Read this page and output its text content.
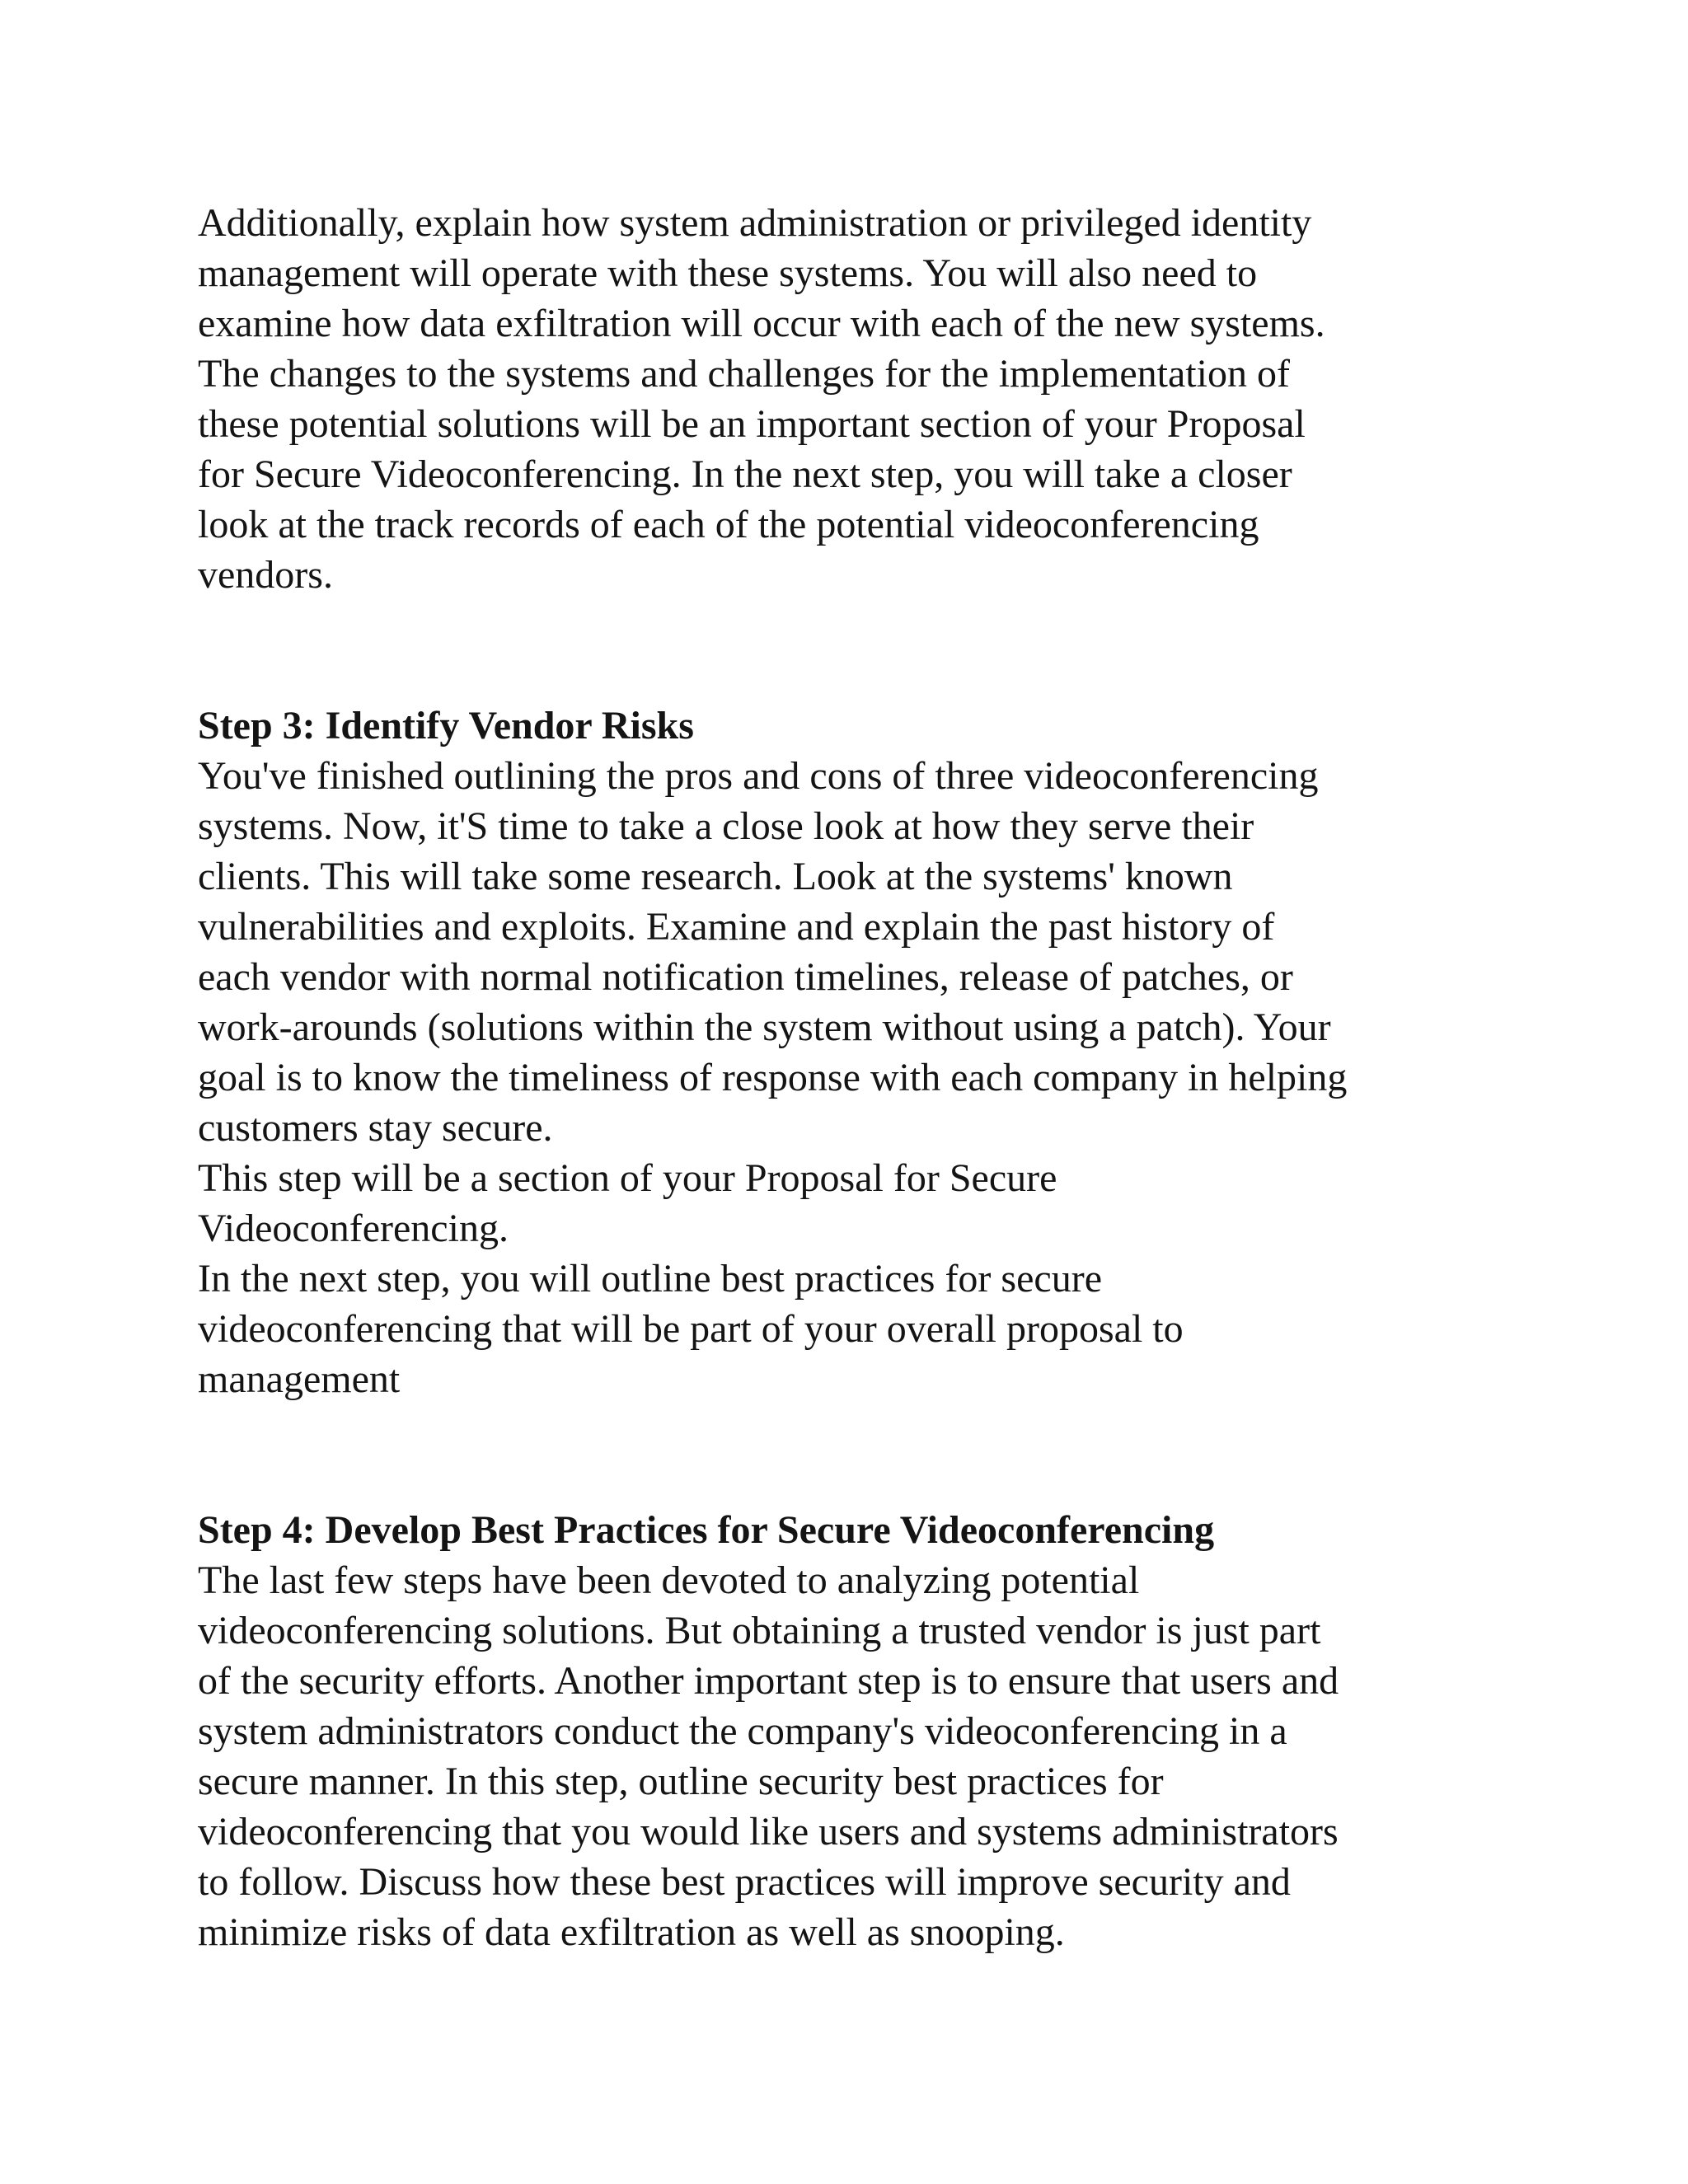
Additionally, explain how system administration or privileged identity
management will operate with these systems. You will also need to
examine how data exfiltration will occur with each of the new systems.
The changes to the systems and challenges for the implementation of
these potential solutions will be an important section of your Proposal
for Secure Videoconferencing. In the next step, you will take a closer
look at the track records of each of the potential videoconferencing
vendors.

Step 3: Identify Vendor Risks

You've finished outlining the pros and cons of three videoconferencing
systems. Now, it'S time to take a close look at how they serve their
clients. This will take some research. Look at the systems' known
vulnerabilities and exploits. Examine and explain the past history of
each vendor with normal notification timelines, release of patches, or
work-arounds (solutions within the system without using a patch). Your
goal is to know the timeliness of response with each company in helping
customers stay secure.

This step will be a section of your Proposal for Secure
Videoconferencing.

In the next step, you will outline best practices for secure
videoconferencing that will be part of your overall proposal to
management

Step 4: Develop Best Practices for Secure Videoconferencing

The last few steps have been devoted to analyzing potential
videoconferencing solutions. But obtaining a trusted vendor is just part
of the security efforts. Another important step is to ensure that users and
system administrators conduct the company's videoconferencing in a
secure manner. In this step, outline security best practices for
videoconferencing that you would like users and systems administrators
to follow. Discuss how these best practices will improve security and
minimize risks of data exfiltration as well as snooping.
